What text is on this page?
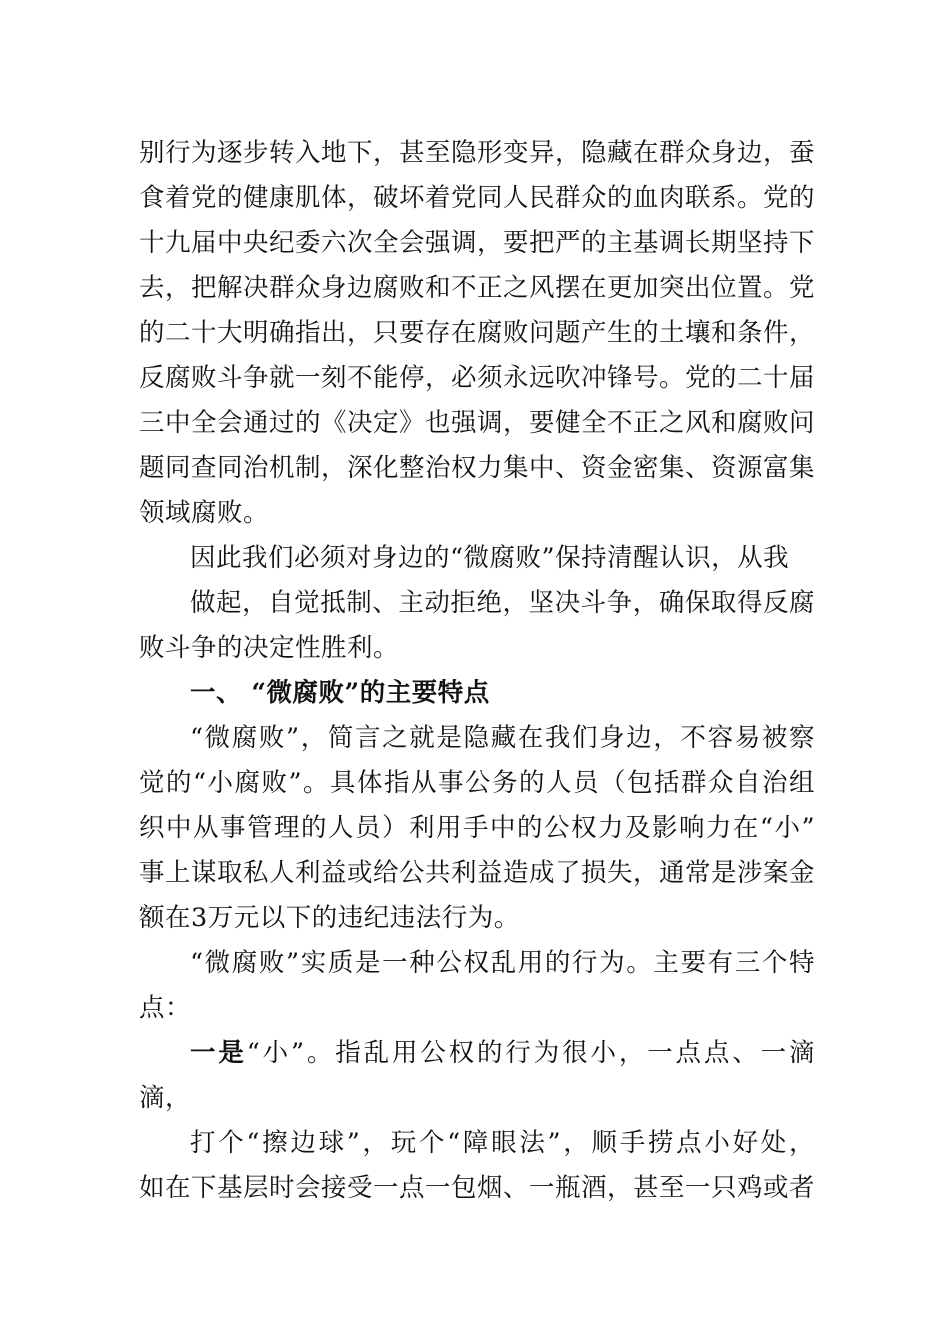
别行为逐步转入地下，甚至隐形变异，隐藏在群众身边，蚕
食着党的健康肌体，破坏着党同人民群众的血肉联系。党的
十九届中央纪委六次全会强调，要把严的主基调长期坚持下
去，把解决群众身边腐败和不正之风摆在更加突出位置。党
的二十大明确指出，只要存在腐败问题产生的土壤和条件，
反腐败斗争就一刻不能停，必须永远吹冲锋号。党的二十届
三中全会通过的《决定》也强调，要健全不正之风和腐败问
题同查同治机制，深化整治权力集中、资金密集、资源富集
领域腐败。
因此我们必须对身边的“微腐败”保持清醒认识，从我
做起，自觉抵制、主动拒绝，坚决斗争，确保取得反腐
败斗争的决定性胜利。
一、 “微腐败”的主要特点
“微腐败”，简言之就是隐藏在我们身边，不容易被察
觉的“小腐败”。具体指从事公务的人员（包括群众自治组
织中从事管理的人员）利用手中的公权力及影响力在“小”
事上谋取私人利益或给公共利益造成了损失，通常是涉案金
额在3万元以下的违纪违法行为。
“微腐败”实质是一种公权乱用的行为。主要有三个特
点：
一是“小”。指乱用公权的行为很小，一点点、一滴
滴，
打个“擦边球”，玩个“障眼法”，顺手捞点小好处，
如在下基层时会接受一点一包烟、一瓶酒，甚至一只鸡或者
